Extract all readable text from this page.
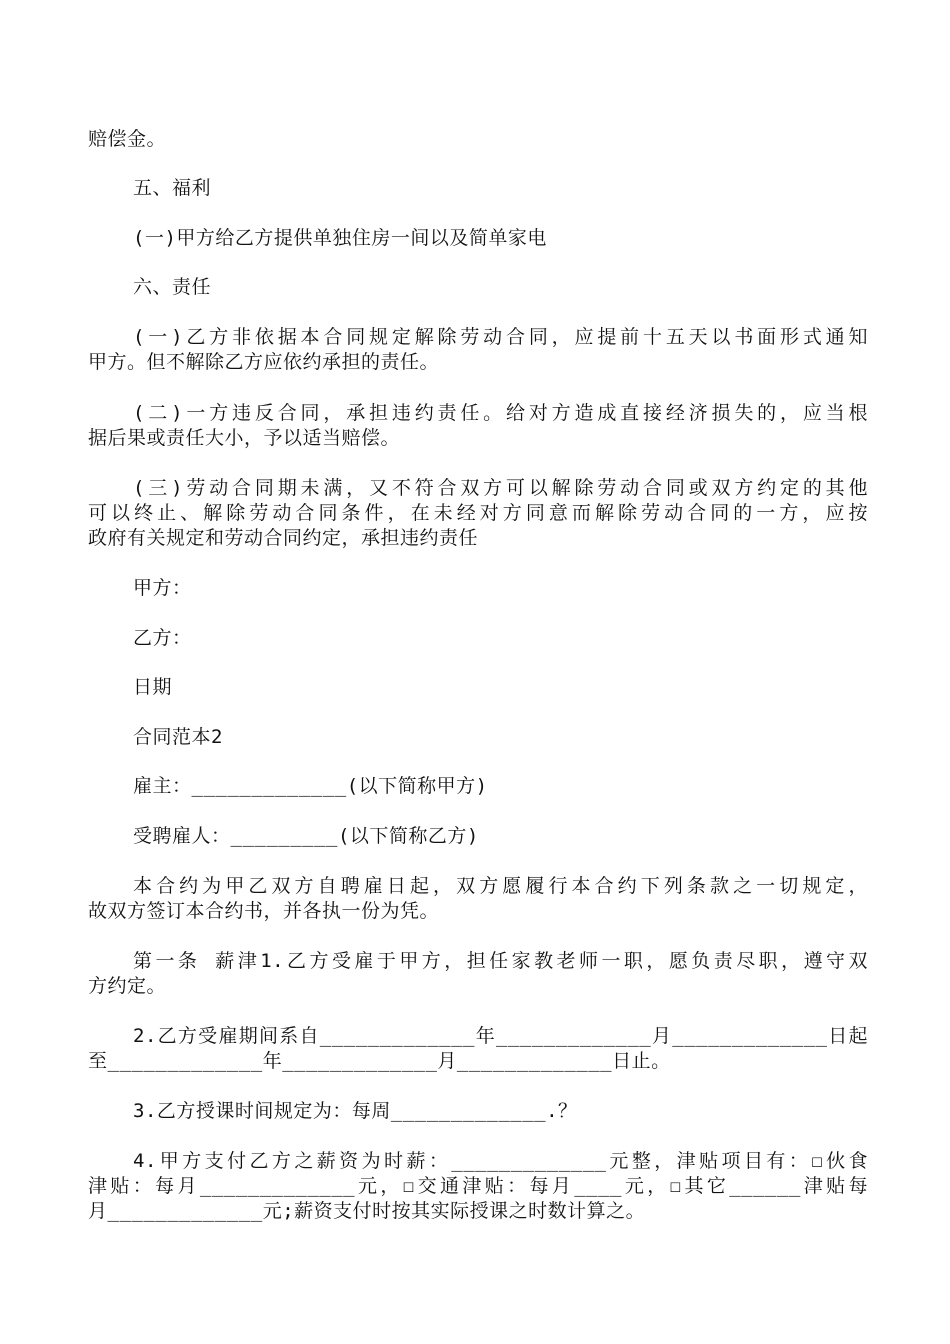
赔偿金。
五、福利
(一)甲方给乙方提供单独住房一间以及简单家电
六、责任
(一)乙方非依据本合同规定解除劳动合同，应提前十五天以书面形式通知
甲方。但不解除乙方应依约承担的责任。
(二)一方违反合同，承担违约责任。给对方造成直接经济损失的，应当根
据后果或责任大小，予以适当赔偿。
(三)劳动合同期未满，又不符合双方可以解除劳动合同或双方约定的其他
可以终止、解除劳动合同条件，在未经对方同意而解除劳动合同的一方，应按
政府有关规定和劳动合同约定，承担违约责任
甲方：
乙方：
日期
合同范本2
雇主：_____________(以下简称甲方)
受聘雇人：_________(以下简称乙方)
本合约为甲乙双方自聘雇日起，双方愿履行本合约下列条款之一切规定，
故双方签订本合约书，并各执一份为凭。
第一条 薪津1.乙方受雇于甲方，担任家教老师一职，愿负责尽职，遵守双
方约定。
2.乙方受雇期间系自_____________年_____________月_____________日起
至_____________年_____________月_____________日止。
3.乙方授课时间规定为：每周_____________.？
4.甲方支付乙方之薪资为时薪：_____________元整，津贴项目有：☐伙食
津贴：每月_____________元，☐交通津贴：每月____元，☐其它______津贴每
月_____________元;薪资支付时按其实际授课之时数计算之。
